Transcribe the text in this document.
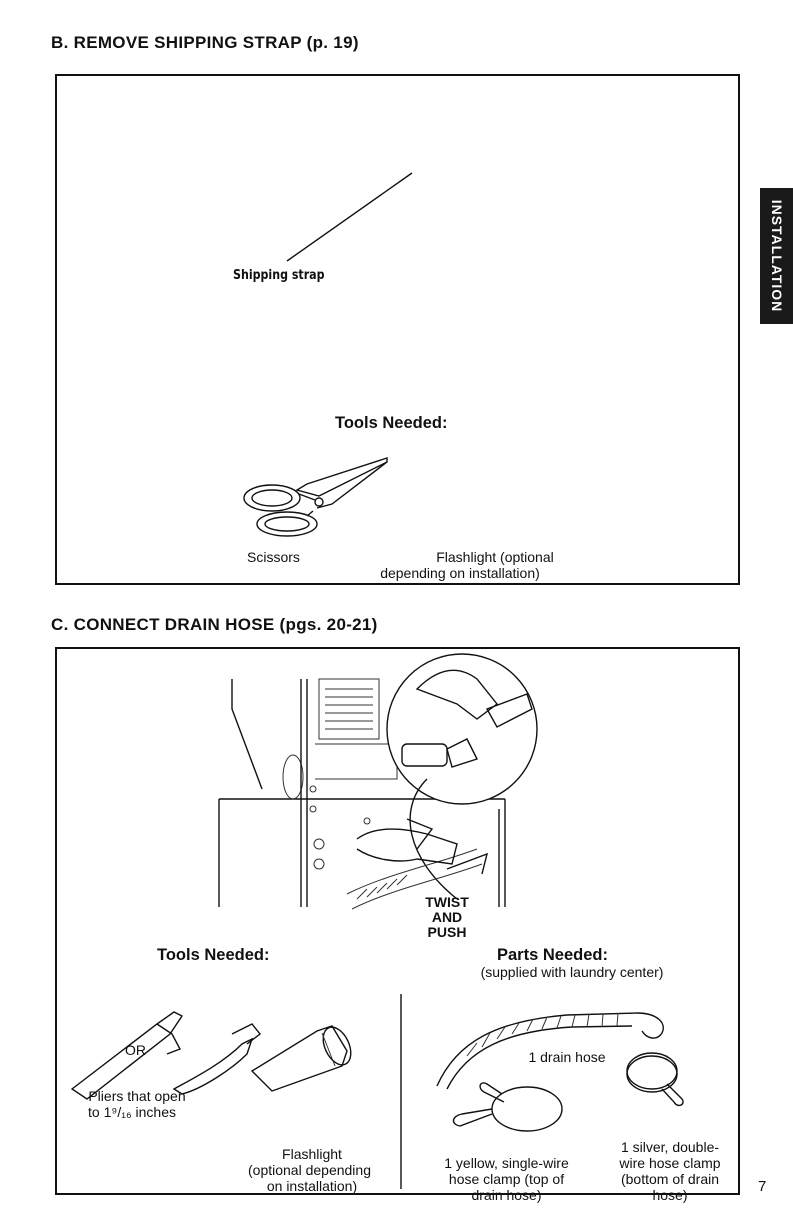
B. REMOVE SHIPPING STRAP (p. 19)
Shipping strap
Tools Needed:
Scissors	Flashlight (optional
depending on installation)
INSTALLATION
C. CONNECT DRAIN HOSE (pgs. 20-21)
TWIST
AND
PUSH
Tools Needed:	Parts Needed:
(supplied with laundry center)
OR
Pliers that open
to 1⁹/₁₆ inches
Flashlight
(optional depending
on installation)
1 drain hose
1 yellow, single-wire
hose clamp (top of
drain hose)
1 silver, double-
wire hose clamp
(bottom of drain
hose)	7
